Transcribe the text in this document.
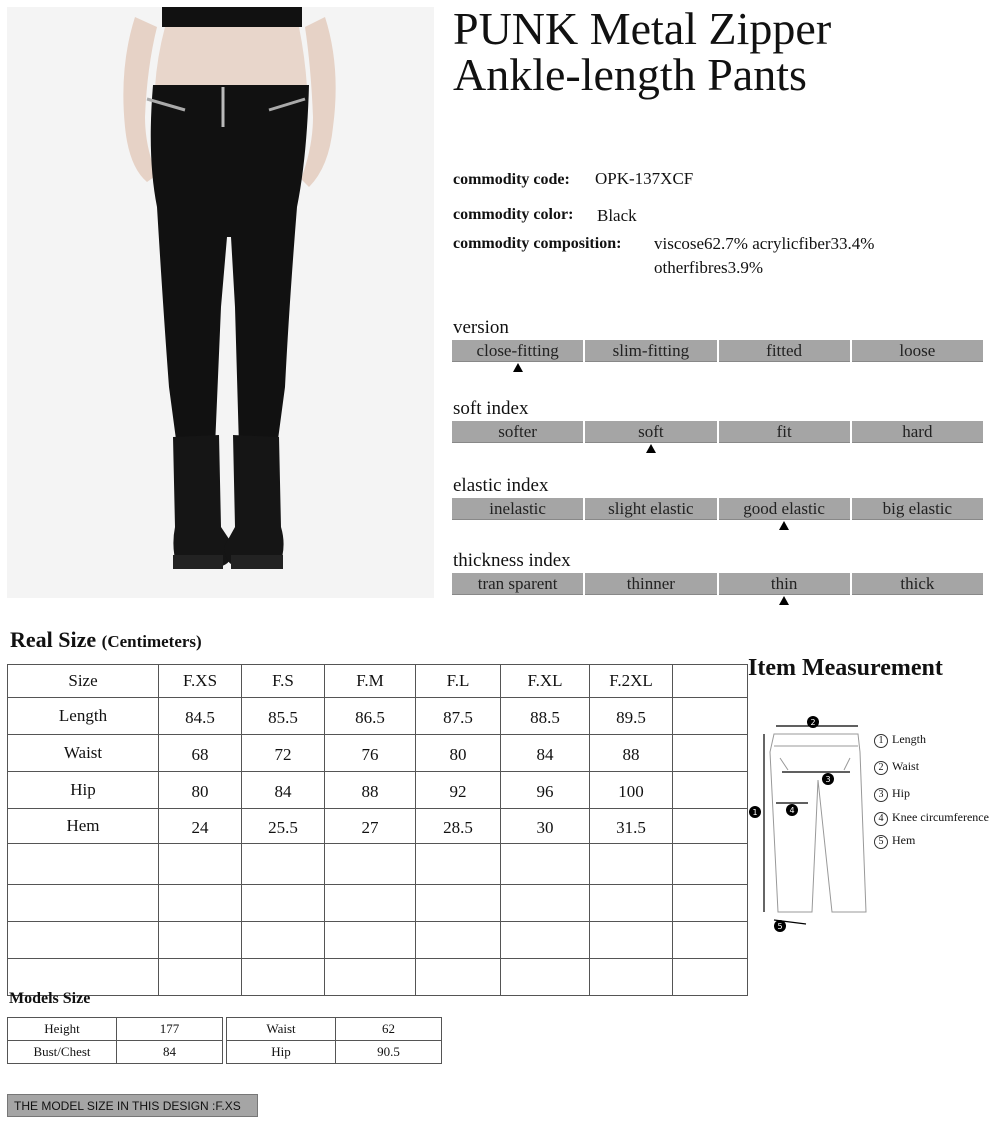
PUNK Metal Zipper
Ankle-length Pants
commodity code: OPK-137XCF
commodity color: Black
commodity composition: viscose62.7% acrylicfiber33.4%
otherfibres3.9%
version
close-fitting	slim-fitting	fitted	loose
soft index
softer	soft	fit	hard
elastic index
inelastic	slight elastic	good elastic	big elastic
thickness index
tran sparent	thinner	thin	thick
Real Size (Centimeters)
Size	F.XS	F.S	F.M	F.L	F.XL	F.2XL	
Length	84.5	85.5	86.5	87.5	88.5	89.5	
Waist	68	72	76	80	84	88	
Hip	80	84	88	92	96	100	
Hem	24	25.5	27	28.5	30	31.5	

Item Measurement
2
3
4
1
5
1 Length
2 Waist
3 Hip
4 Knee circumference
5 Hem
Models Size
Height	177
Bust/Chest	84
Waist	62
Hip	90.5
THE MODEL SIZE IN THIS DESIGN :F.XS
